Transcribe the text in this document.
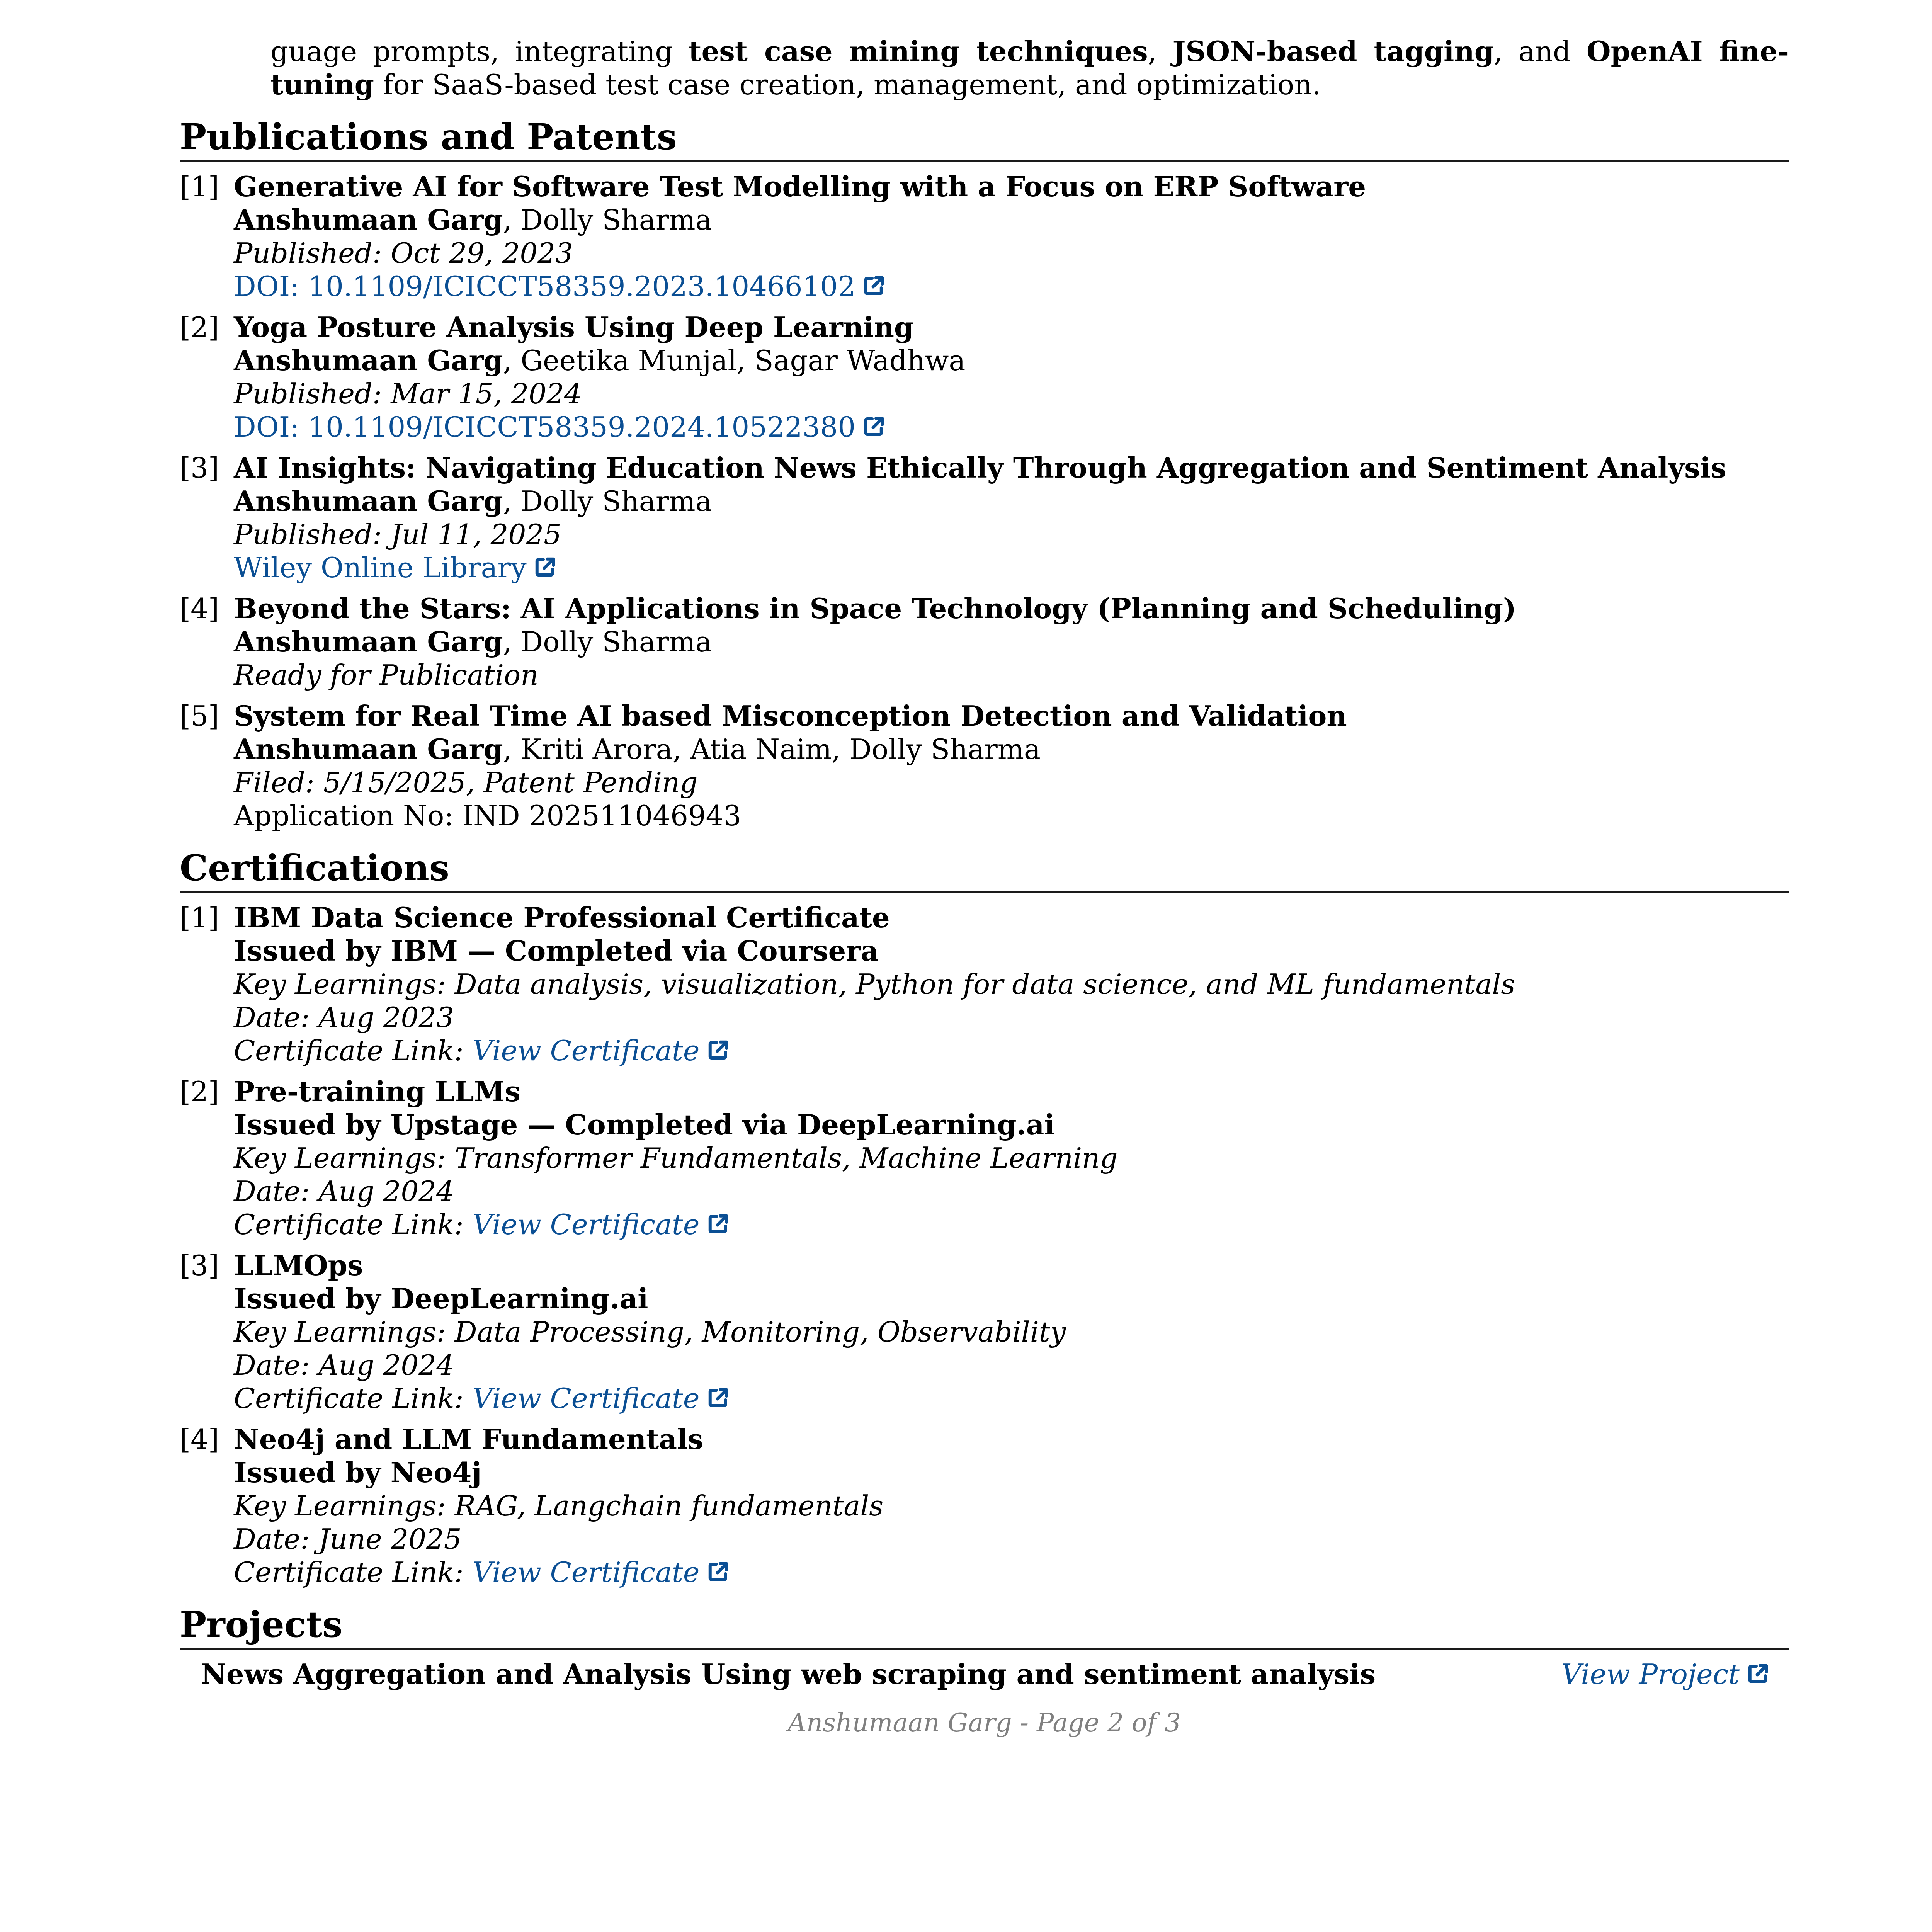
guage prompts, integrating test case mining techniques, JSON-based tagging, and OpenAI fine-tuning for SaaS-based test case creation, management, and optimization.
Publications and Patents
[1] Generative AI for Software Test Modelling with a Focus on ERP Software
Anshumaan Garg, Dolly Sharma
Published: Oct 29, 2023
DOI: 10.1109/ICICCT58359.2023.10466102
[2] Yoga Posture Analysis Using Deep Learning
Anshumaan Garg, Geetika Munjal, Sagar Wadhwa
Published: Mar 15, 2024
DOI: 10.1109/ICICCT58359.2024.10522380
[3] AI Insights: Navigating Education News Ethically Through Aggregation and Sentiment Analysis
Anshumaan Garg, Dolly Sharma
Published: Jul 11, 2025
Wiley Online Library
[4] Beyond the Stars: AI Applications in Space Technology (Planning and Scheduling)
Anshumaan Garg, Dolly Sharma
Ready for Publication
[5] System for Real Time AI based Misconception Detection and Validation
Anshumaan Garg, Kriti Arora, Atia Naim, Dolly Sharma
Filed: 5/15/2025, Patent Pending
Application No: IND 202511046943
Certifications
[1] IBM Data Science Professional Certificate
Issued by IBM — Completed via Coursera
Key Learnings: Data analysis, visualization, Python for data science, and ML fundamentals
Date: Aug 2023
Certificate Link: View Certificate
[2] Pre-training LLMs
Issued by Upstage — Completed via DeepLearning.ai
Key Learnings: Transformer Fundamentals, Machine Learning
Date: Aug 2024
Certificate Link: View Certificate
[3] LLMOps
Issued by DeepLearning.ai
Key Learnings: Data Processing, Monitoring, Observability
Date: Aug 2024
Certificate Link: View Certificate
[4] Neo4j and LLM Fundamentals
Issued by Neo4j
Key Learnings: RAG, Langchain fundamentals
Date: June 2025
Certificate Link: View Certificate
Projects
News Aggregation and Analysis Using web scraping and sentiment analysis	View Project
Anshumaan Garg - Page 2 of 3
